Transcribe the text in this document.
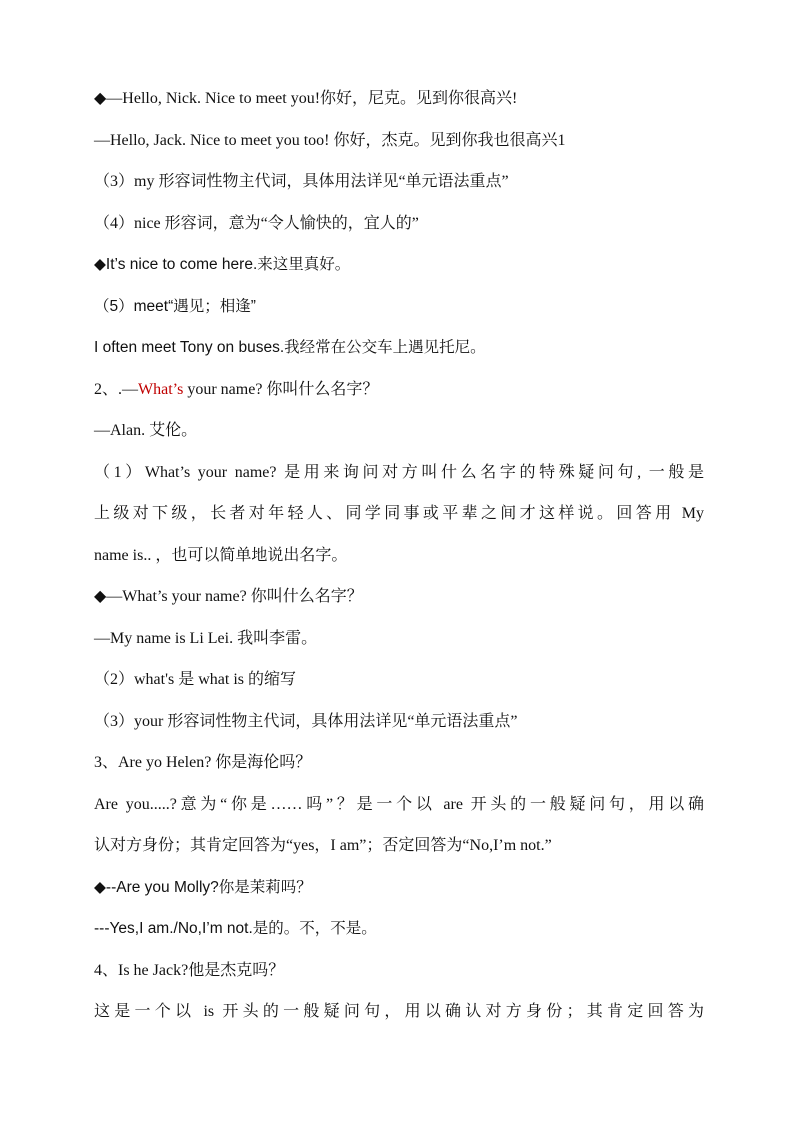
◆—Hello, Nick. Nice to meet you!你好，尼克。见到你很高兴!
—Hello, Jack. Nice to meet you too! 你好，杰克。见到你我也很高兴1
（3）my 形容词性物主代词，具体用法详见“单元语法重点”
（4）nice 形容词，意为“令人愉快的，宜人的”
◆It’s nice to come here.来这里真好。
（5）meet“遇见；相逢”
I often meet Tony on buses.我经常在公交车上遇见托尼。
2、.—What’s your name? 你叫什么名字？
—Alan. 艾伦。
（1）What’s your name? 是用来询问对方叫什么名字的特殊疑问句, 一般是
上级对下级，长者对年轻人、同学同事或平辈之间才这样说。回答用 My
name is.. ，也可以简单地说出名字。
◆—What’s your name? 你叫什么名字？
—My name is Li Lei. 我叫李雷。
（2）what's 是 what is 的缩写
（3）your 形容词性物主代词，具体用法详见“单元语法重点”
3、Are yo Helen? 你是海伦吗？
Are you.....?意为“你是……吗”？是一个以 are 开头的一般疑问句，用以确
认对方身份；其肯定回答为“yes，I am”；否定回答为“No,I’m not.”
◆--Are you Molly?你是茉莉吗？
---Yes,I am./No,I’m not.是的。不，不是。
4、Is he Jack?他是杰克吗？
这是一个以 is 开头的一般疑问句，用以确认对方身份；其肯定回答为
